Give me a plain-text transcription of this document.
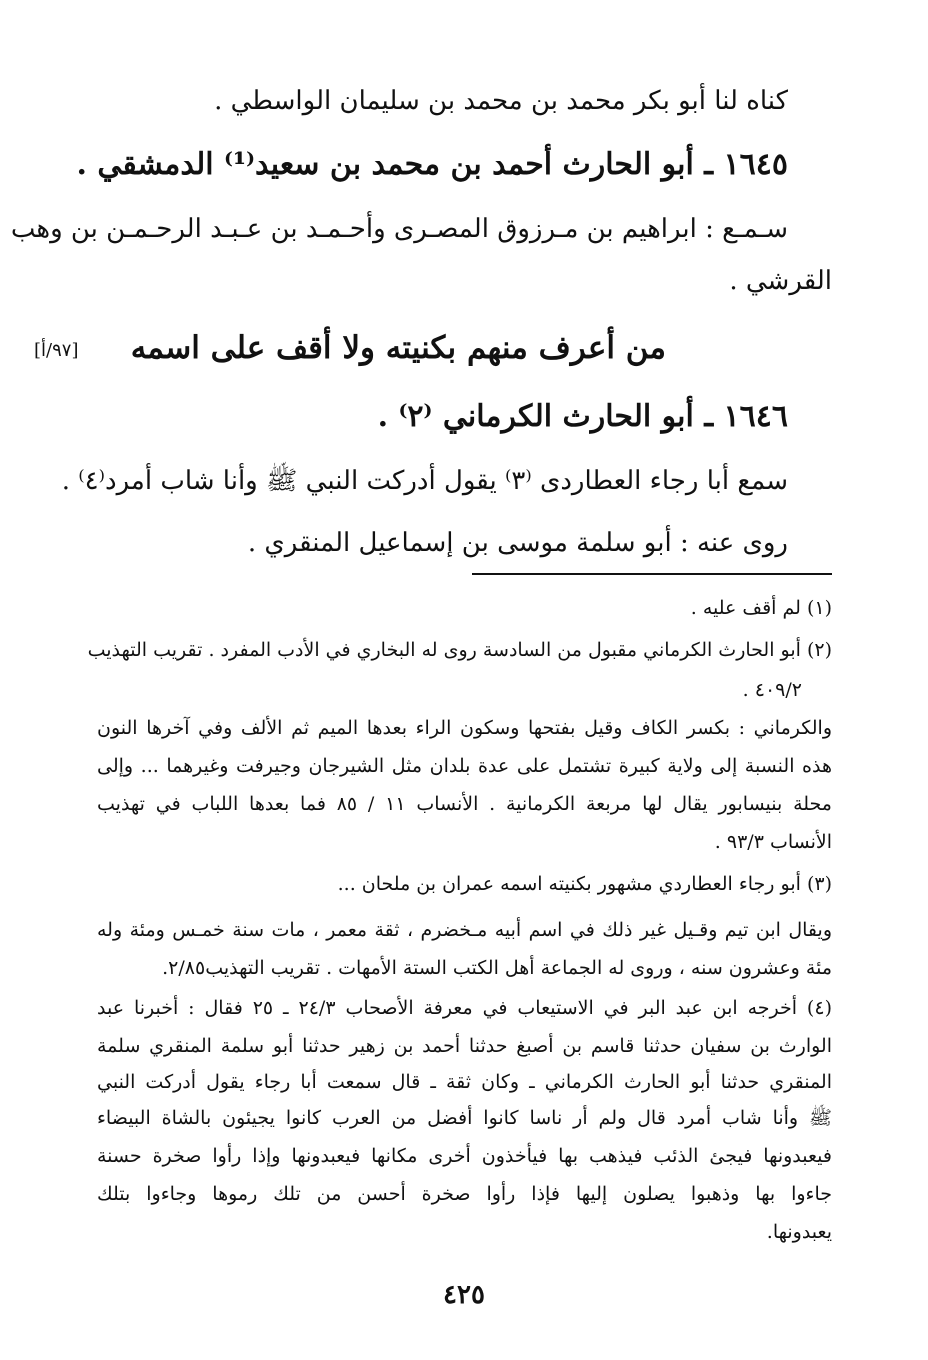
كناه لنا أبو بكر محمد بن محمد بن سليمان الواسطي .
١٦٤٥ ـ أبو الحارث أحمد بن محمد بن سعيد⁽¹⁾ الدمشقي .
سـمـع : ابراهيم بن مـرزوق المصـرى وأحـمـد بن عـبـد الرحـمـن بن وهب
القرشي .
من أعرف منهم بكنيته ولا أقف على اسمه
[٩٧/أ]
١٦٤٦ ـ أبو الحارث الكرماني ⁽٢⁾ .
سمع أبا رجاء العطاردى ⁽٣⁾ يقول أدركت النبي ﷺ وأنا شاب أمرد⁽٤⁾ .
روى عنه : أبو سلمة موسى بن إسماعيل المنقري .
(١) لم أقف عليه .
(٢) أبو الحارث الكرماني مقبول من السادسة روى له البخاري في الأدب المفرد . تقريب التهذيب
٤٠٩/٢ .
والكرماني : بكسر الكاف وقيل بفتحها وسكون الراء بعدها الميم ثم الألف وفي آخرها النون
هذه النسبة إلى ولاية كبيرة تشتمل على عدة بلدان مثل الشيرجان وجيرفت وغيرهما ... وإلى
محلة بنيسابور يقال لها مربعة الكرمانية . الأنساب ١١ / ٨٥ فما بعدها اللباب في تهذيب
الأنساب ٩٣/٣ .
(٣) أبو رجاء العطاردي مشهور بكنيته اسمه عمران بن ملحان ...
ويقال ابن تيم وقـيل غير ذلك في اسم أبيه مـخضرم ، ثقة معمر ، مات سنة خمـس ومئة وله
مئة وعشرون سنه ، وروى له الجماعة أهل الكتب الستة الأمهات . تقريب التهذيب٢/٨٥.
(٤) أخرجه ابن عبد البر في الاستيعاب في معرفة الأصحاب ٢٤/٣ ـ ٢٥ فقال : أخبرنا عبد
الوارث بن سفيان حدثنا قاسم بن أصبغ حدثنا أحمد بن زهير حدثنا أبو سلمة المنقري سلمة
المنقري حدثنا أبو الحارث الكرماني ـ وكان ثقة ـ قال سمعت أبا رجاء يقول أدركت النبي
ﷺ وأنا شاب أمرد قال ولم أر ناسا كانوا أفضل من العرب كانوا يجيئون بالشاة البيضاء
فيعبدونها فيجئ الذئب فيذهب بها فيأخذون أخرى مكانها فيعبدونها وإذا رأوا صخرة حسنة
جاءوا بها وذهبوا يصلون إليها فإذا رأوا صخرة أحسن من تلك رموها وجاءوا بتلك
يعبدونها.
٤٢٥
